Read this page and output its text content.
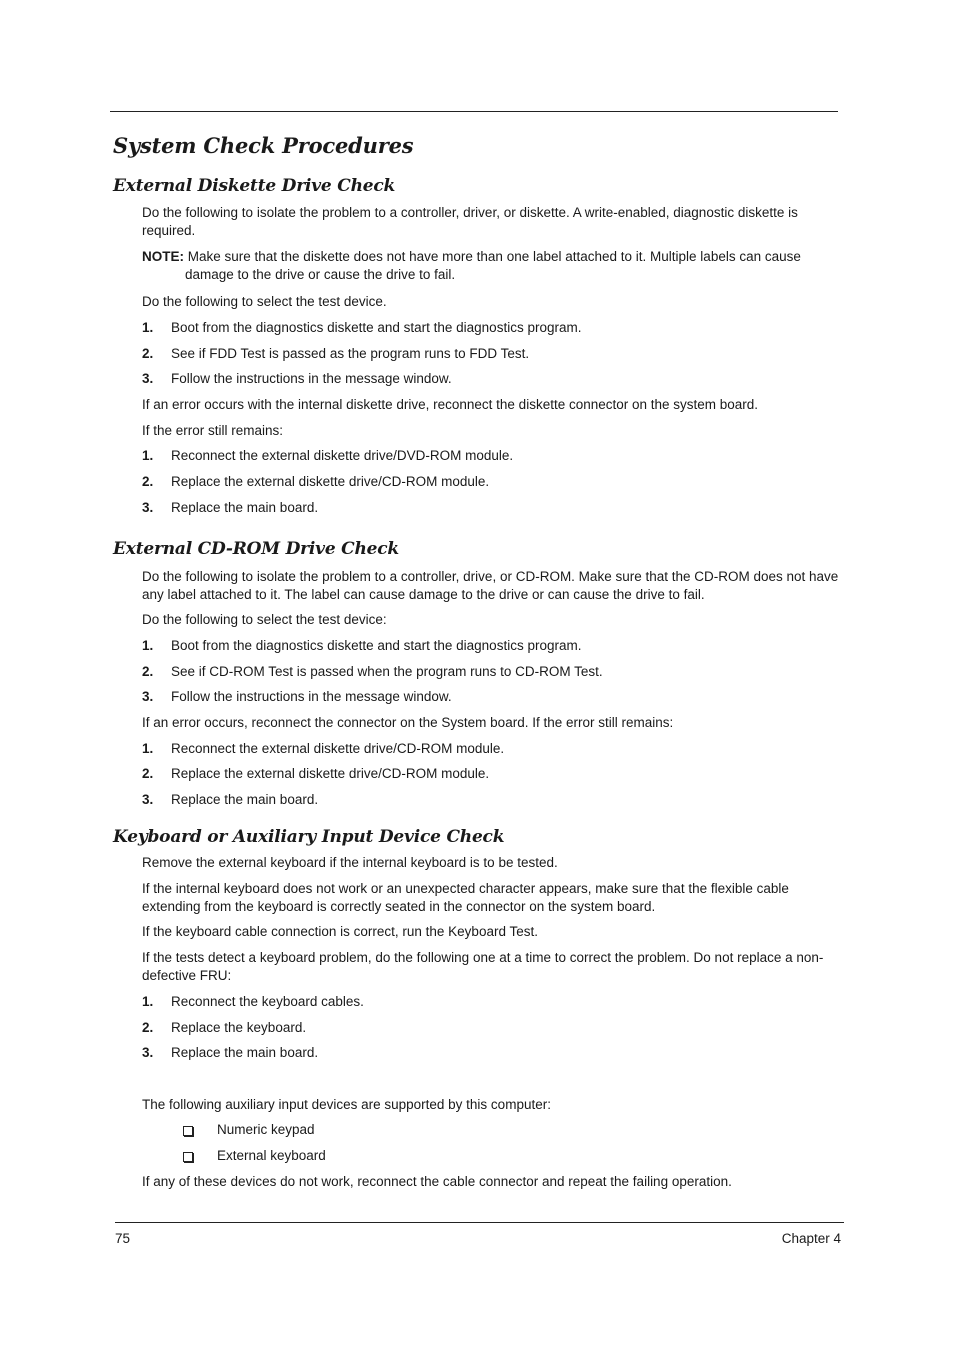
System Check Procedures
External Diskette Drive Check

Do the following to isolate the problem to a controller, driver, or diskette. A write-enabled, diagnostic diskette is required.

NOTE: Make sure that the diskette does not have more than one label attached to it. Multiple labels can cause damage to the drive or cause the drive to fail.

Do the following to select the test device.

1. Boot from the diagnostics diskette and start the diagnostics program.
2. See if FDD Test is passed as the program runs to FDD Test.
3. Follow the instructions in the message window.

If an error occurs with the internal diskette drive, reconnect the diskette connector on the system board.

If the error still remains:

1. Reconnect the external diskette drive/DVD-ROM module.
2. Replace the external diskette drive/CD-ROM module.
3. Replace the main board.
External CD-ROM Drive Check

Do the following to isolate the problem to a controller, drive, or CD-ROM. Make sure that the CD-ROM does not have any label attached to it. The label can cause damage to the drive or can cause the drive to fail.

Do the following to select the test device:

1. Boot from the diagnostics diskette and start the diagnostics program.
2. See if CD-ROM Test is passed when the program runs to CD-ROM Test.
3. Follow the instructions in the message window.

If an error occurs, reconnect the connector on the System board. If the error still remains:

1. Reconnect the external diskette drive/CD-ROM module.
2. Replace the external diskette drive/CD-ROM module.
3. Replace the main board.
Keyboard or Auxiliary Input Device Check

Remove the external keyboard if the internal keyboard is to be tested.

If the internal keyboard does not work or an unexpected character appears, make sure that the flexible cable extending from the keyboard is correctly seated in the connector on the system board.

If the keyboard cable connection is correct, run the Keyboard Test.

If the tests detect a keyboard problem, do the following one at a time to correct the problem. Do not replace a non-defective FRU:

1. Reconnect the keyboard cables.
2. Replace the keyboard.
3. Replace the main board.

The following auxiliary input devices are supported by this computer:

Numeric keypad
External keyboard

If any of these devices do not work, reconnect the cable connector and repeat the failing operation.

75	Chapter 4
